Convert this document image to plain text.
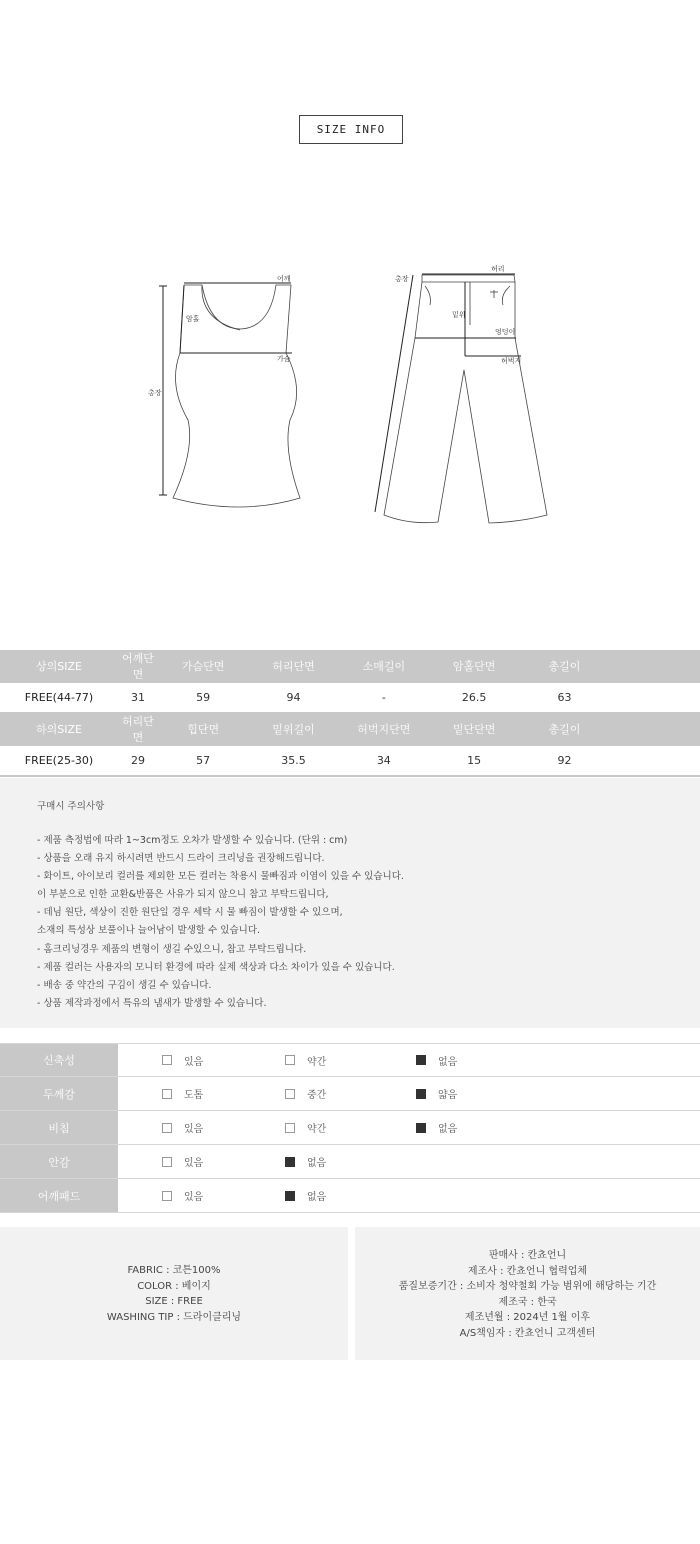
SIZE INFO
어깨
암홀
가슴
총장
허리
총장
밑위
엉덩이
허벅지
상의SIZE	어깨단면	가슴단면	허리단면	소매길이	암홀단면	총길이	
FREE(44-77)	31	59	94	-	26.5	63	
하의SIZE	허리단면	힙단면	밑위길이	허벅지단면	밑단단면	총길이	
FREE(25-30)	29	57	35.5	34	15	92	
구매시 주의사항
- 제품 측정법에 따라 1~3cm정도 오차가 발생할 수 있습니다. (단위 : cm)
- 상품을 오래 유지 하시려면 반드시 드라이 크리닝을 권장해드립니다.
- 화이트, 아이보리 컬러를 제외한 모든 컬러는 착용시 물빠짐과 이염이 있을 수 있습니다.
이 부분으로 인한 교환&반품은 사유가 되지 않으니 참고 부탁드립니다,
- 데님 원단, 색상이 진한 원단일 경우 세탁 시 물 빠짐이 발생할 수 있으며,
소재의 특성상 보풀이나 늘어남이 발생할 수 있습니다.
- 홈크리닝경우 제품의 변형이 생길 수있으니, 참고 부탁드립니다.
- 제품 컬러는 사용자의 모니터 환경에 따라 실제 색상과 다소 차이가 있을 수 있습니다.
- 배송 중 약간의 구김이 생길 수 있습니다.
- 상품 제작과정에서 특유의 냄새가 발생할 수 있습니다.
신축성	있음	약간	없음
두께감	도톰	중간	얇음
비침	있음	약간	없음
안감	있음	없음
어깨패드	있음	없음
FABRIC : 코튼100%
COLOR : 베이지
SIZE : FREE
WASHING TIP : 드라이클리닝
판매사 : 칸쵸언니
제조사 : 칸쵸언니 협력업체
품질보증기간 : 소비자 청약철회 가능 범위에 해당하는 기간
제조국 : 한국
제조년월 : 2024년 1월 이후
A/S책임자 : 칸쵸언니 고객센터
